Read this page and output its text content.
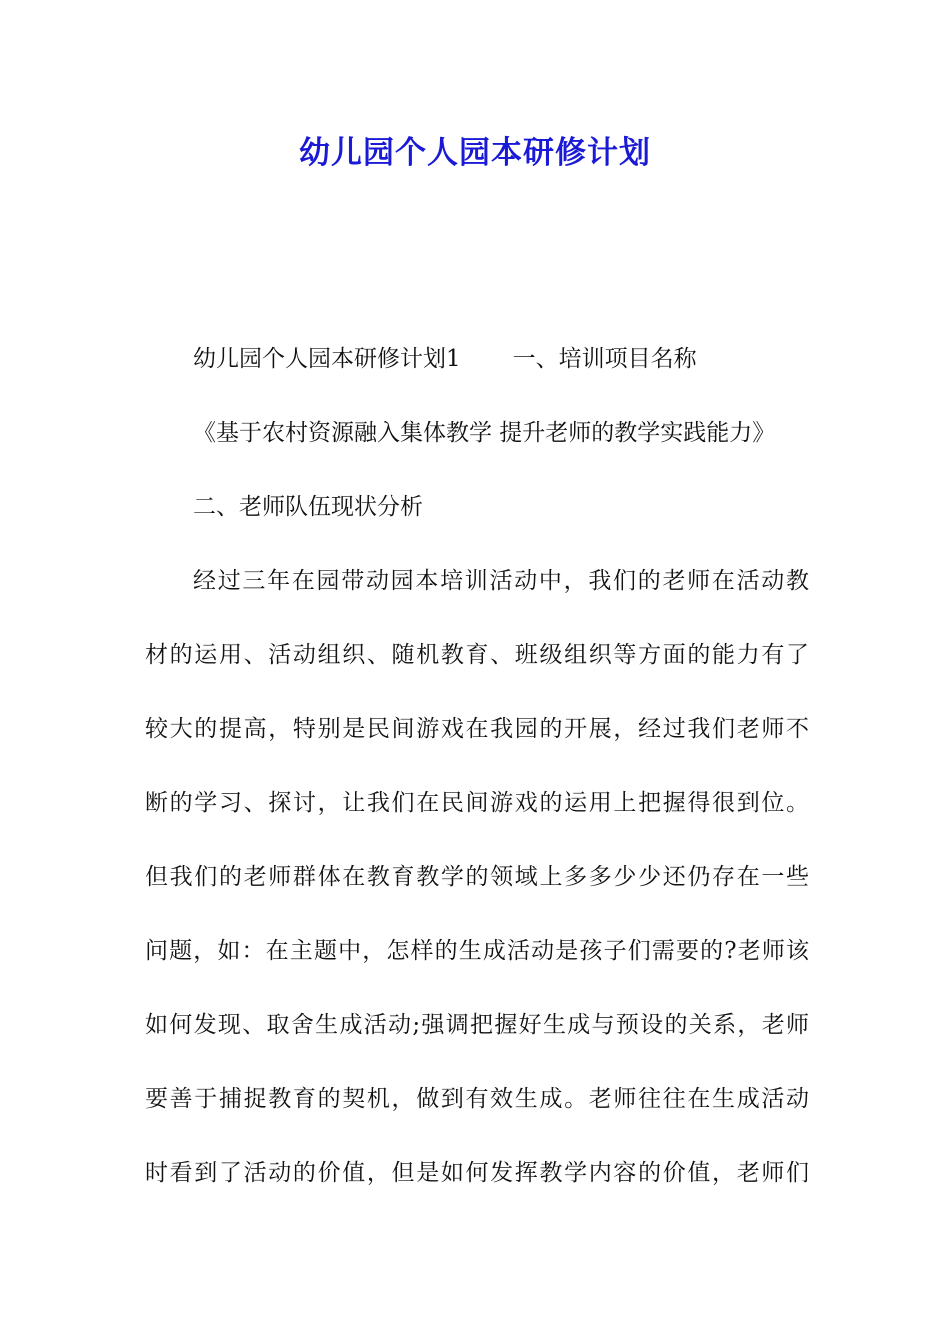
幼儿园个人园本研修计划
幼儿园个人园本研修计划1 一、培训项目名称
《基于农村资源融入集体教学 提升老师的教学实践能力》
二、老师队伍现状分析
经过三年在园带动园本培训活动中，我们的老师在活动教
材的运用、活动组织、随机教育、班级组织等方面的能力有了
较大的提高，特别是民间游戏在我园的开展，经过我们老师不
断的学习、探讨，让我们在民间游戏的运用上把握得很到位。
但我们的老师群体在教育教学的领域上多多少少还仍存在一些
问题，如：在主题中，怎样的生成活动是孩子们需要的?老师该
如何发现、取舍生成活动;强调把握好生成与预设的关系，老师
要善于捕捉教育的契机，做到有效生成。老师往往在生成活动
时看到了活动的价值，但是如何发挥教学内容的价值，老师们
